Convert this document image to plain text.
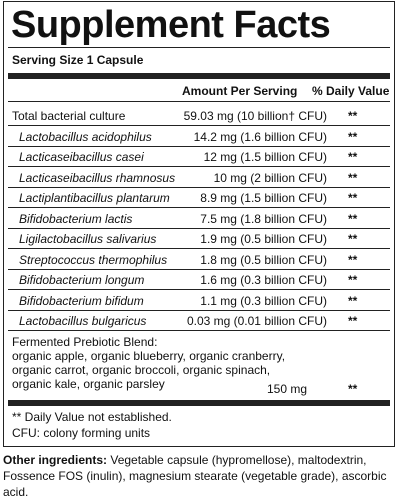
Supplement Facts
Serving Size 1 Capsule
Amount Per Serving % Daily Value
Total bacterial culture	59.03 mg (10 billion† CFU) **
Lactobacillus acidophilus	14.2 mg (1.6 billion CFU) **
Lacticaseibacillus casei	12 mg (1.5 billion CFU) **
Lacticaseibacillus rhamnosus	10 mg (2 billion CFU) **
Lactiplantibacillus plantarum	8.9 mg (1.5 billion CFU) **
Bifidobacterium lactis	7.5 mg (1.8 billion CFU) **
Ligilactobacillus salivarius	1.9 mg (0.5 billion CFU) **
Streptococcus thermophilus	1.8 mg (0.5 billion CFU) **
Bifidobacterium longum	1.6 mg (0.3 billion CFU) **
Bifidobacterium bifidum	1.1 mg (0.3 billion CFU) **
Lactobacillus bulgaricus	0.03 mg (0.01 billion CFU) **
Fermented Prebiotic Blend:
organic apple, organic blueberry, organic cranberry,
organic carrot, organic broccoli, organic spinach,
organic kale, organic parsley	150 mg	**
** Daily Value not established.
CFU: colony forming units
Other ingredients: Vegetable capsule (hypromellose), maltodextrin, Fossence FOS (inulin), magnesium stearate (vegetable grade), ascorbic acid.
